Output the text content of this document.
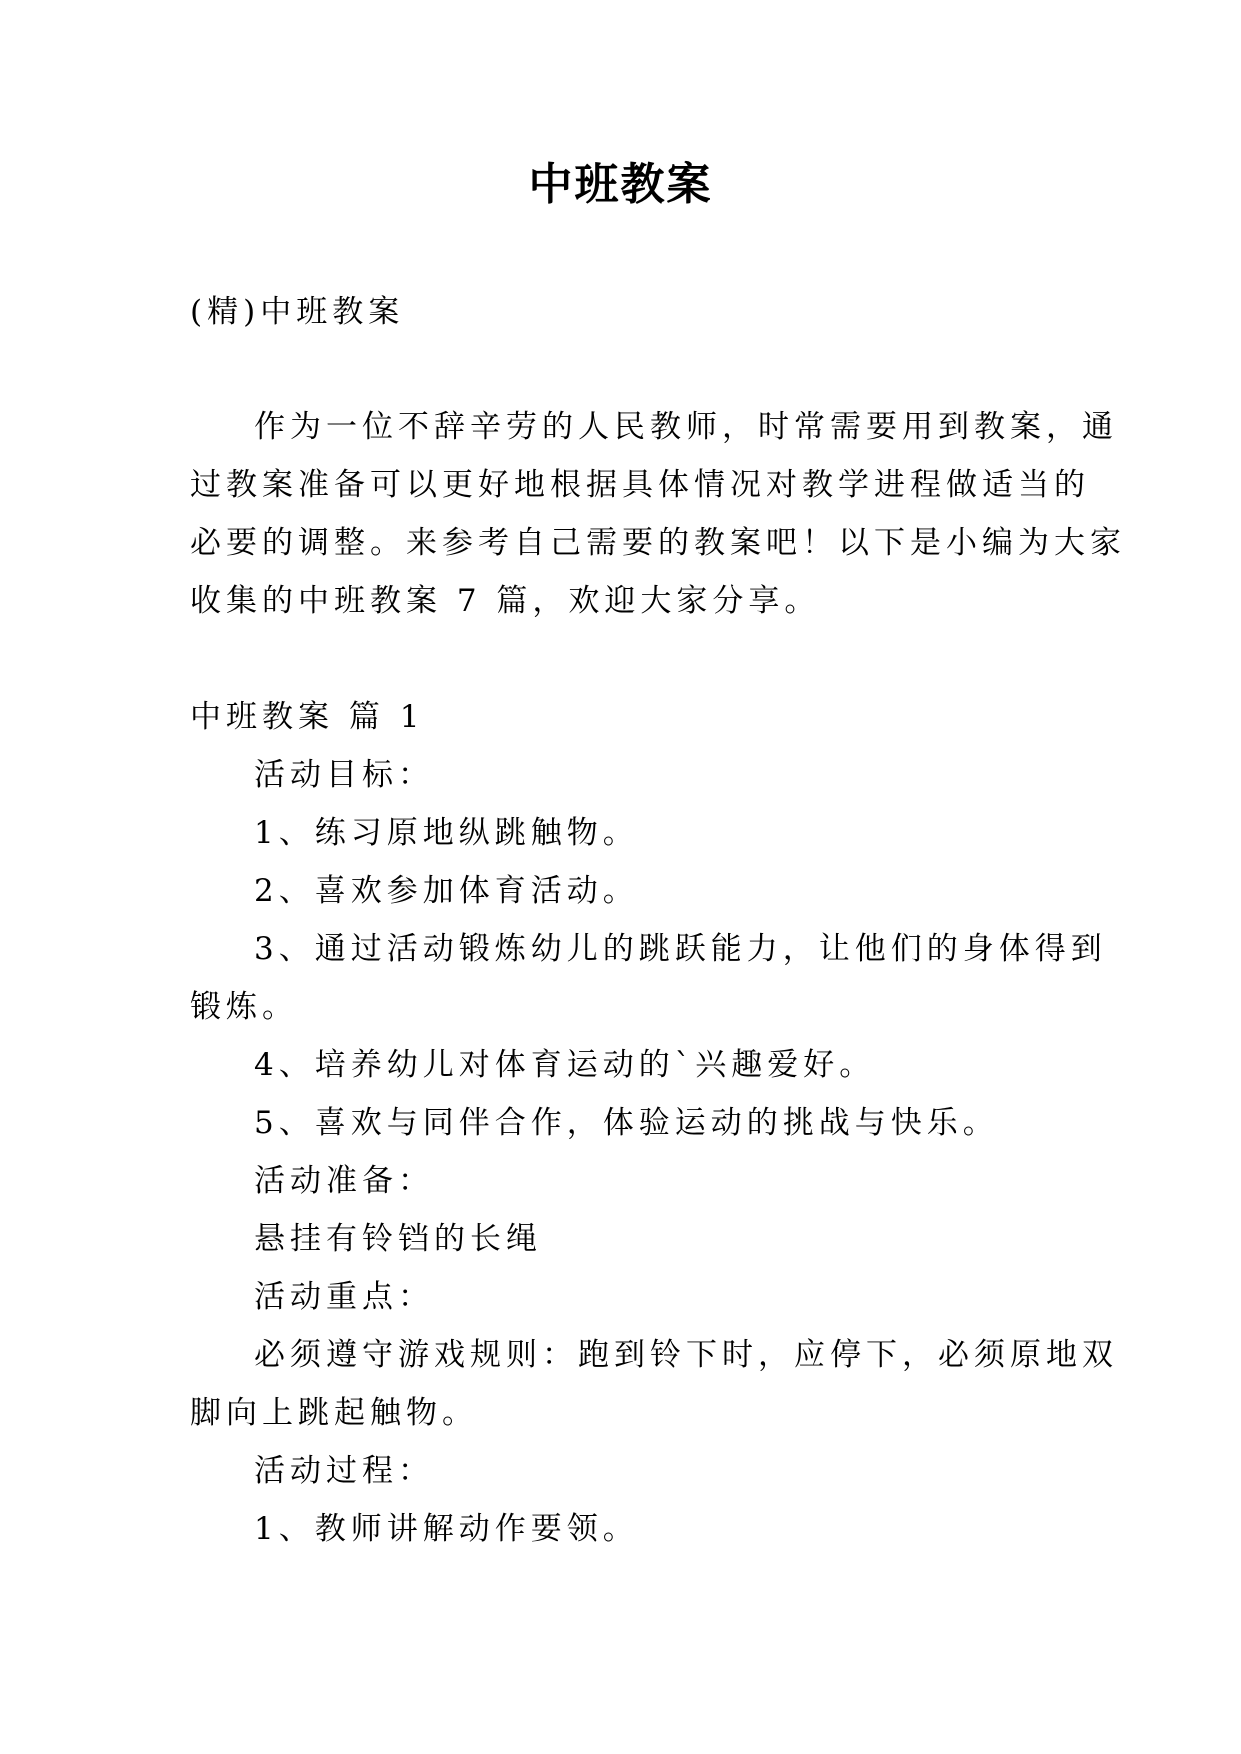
中班教案
(精)中班教案
作为一位不辞辛劳的人民教师，时常需要用到教案，通
过教案准备可以更好地根据具体情况对教学进程做适当的
必要的调整。来参考自己需要的教案吧！以下是小编为大家
收集的中班教案 7 篇，欢迎大家分享。
中班教案 篇 1
活动目标：
1、练习原地纵跳触物。
2、喜欢参加体育活动。
3、通过活动锻炼幼儿的跳跃能力，让他们的身体得到
锻炼。
4、培养幼儿对体育运动的`兴趣爱好。
5、喜欢与同伴合作，体验运动的挑战与快乐。
活动准备：
悬挂有铃铛的长绳
活动重点：
必须遵守游戏规则：跑到铃下时，应停下，必须原地双
脚向上跳起触物。
活动过程：
1、教师讲解动作要领。
